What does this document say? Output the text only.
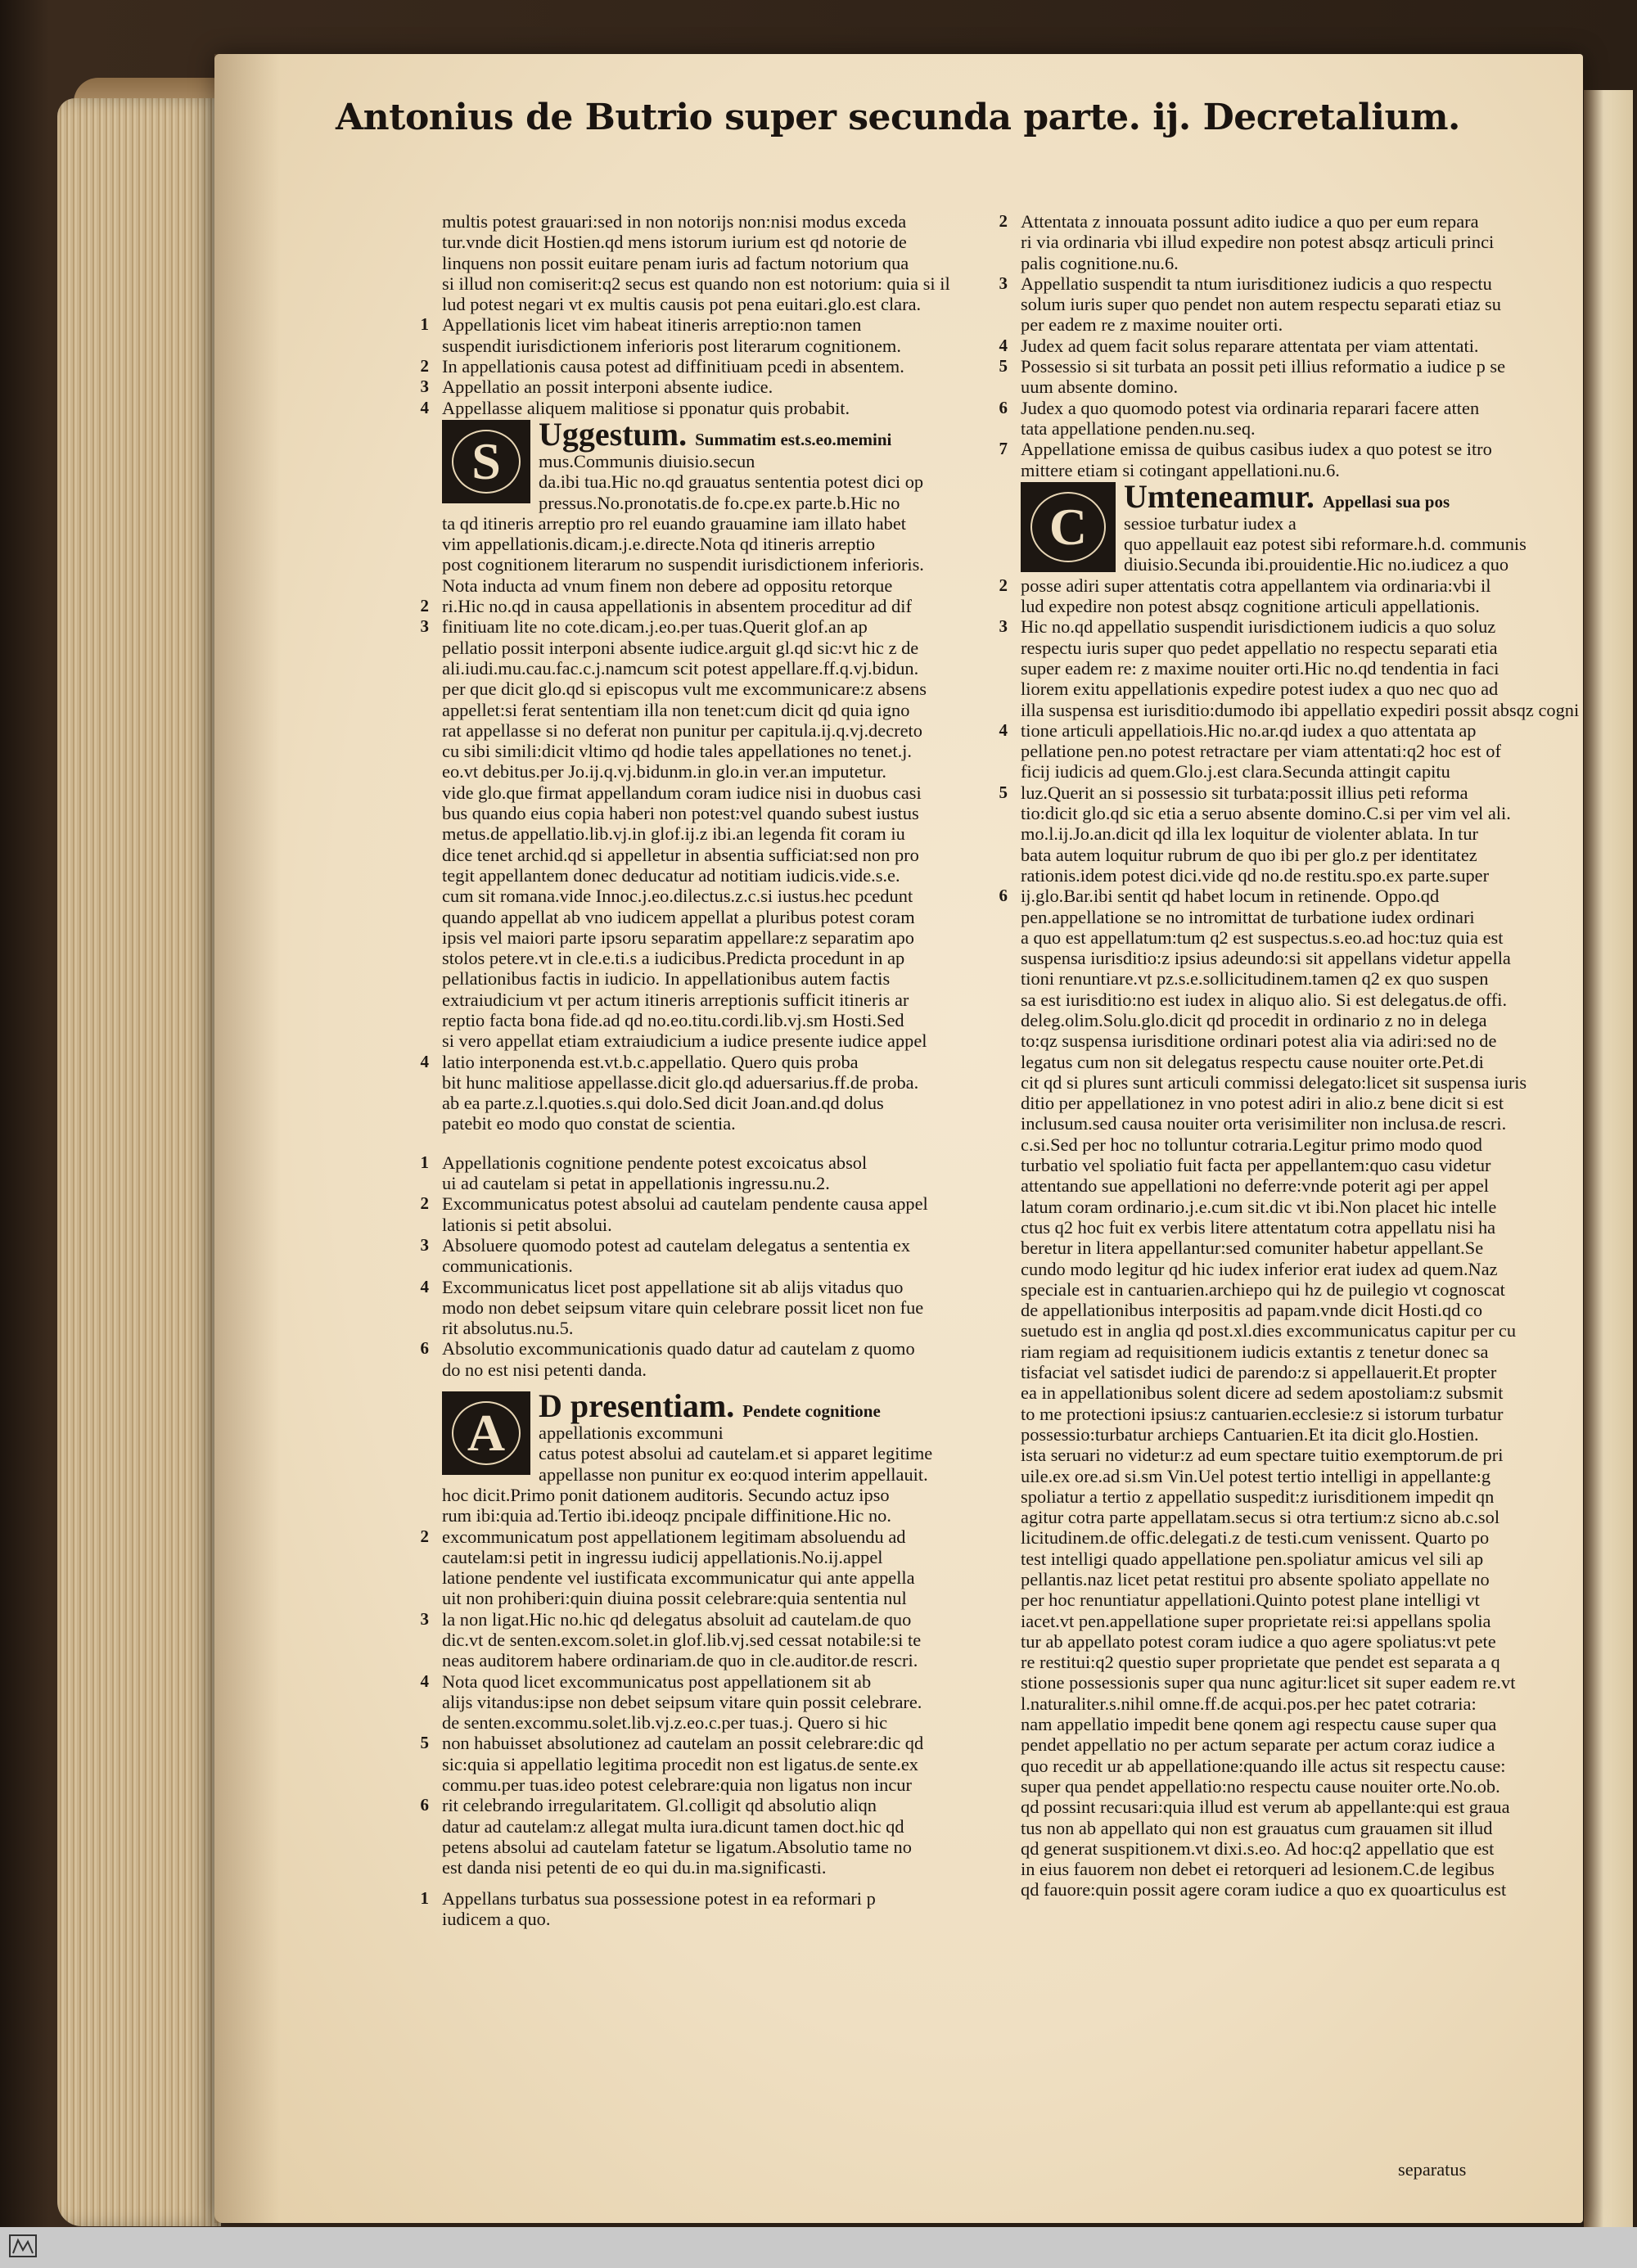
Antonius de Butrio super secunda parte. ij. Decretalium.
multis potest grauari:sed in non notorijs non:nisi modus exceda
tur.vnde dicit Hostien.qd mens istorum iurium est qd notorie de
linquens non possit euitare penam iuris ad factum notorium qua
si illud non comiserit:q2 secus est quando non est notorium: quia si il
lud potest negari vt ex multis causis pot pena euitari.glo.est clara.
1 Appellationis licet vim habeat itineris arreptio:non tamen
suspendit iurisdictionem inferioris post literarum cognitionem.
2 In appellationis causa potest ad diffinitiuam pcedi in absentem.
3 Appellatio an possit interponi absente iudice.
4 Appellasse aliquem malitiose si pponatur quis probabit.
S	Uggestum. Summatim est.s.eo.memini
mus.Communis diuisio.secun
da.ibi tua.Hic no.qd grauatus sententia potest dici op
pressus.No.pronotatis.de fo.cpe.ex parte.b.Hic no
ta qd itineris arreptio pro rel euando grauamine iam illato habet
vim appellationis.dicam.j.e.directe.Nota qd itineris arreptio
post cognitionem literarum no suspendit iurisdictionem inferioris.
Nota inducta ad vnum finem non debere ad oppositu retorque
2 ri.Hic no.qd in causa appellationis in absentem proceditur ad dif
3 finitiuam lite no cote.dicam.j.eo.per tuas.Querit glof.an ap
pellatio possit interponi absente iudice.arguit gl.qd sic:vt hic z de
ali.iudi.mu.cau.fac.c.j.namcum scit potest appellare.ff.q.vj.bidun.
per que dicit glo.qd si episcopus vult me excommunicare:z absens
appellet:si ferat sententiam illa non tenet:cum dicit qd quia igno
rat appellasse si no deferat non punitur per capitula.ij.q.vj.decreto
cu sibi simili:dicit vltimo qd hodie tales appellationes no tenet.j.
eo.vt debitus.per Jo.ij.q.vj.bidunm.in glo.in ver.an imputetur.
vide glo.que firmat appellandum coram iudice nisi in duobus casi
bus quando eius copia haberi non potest:vel quando subest iustus
metus.de appellatio.lib.vj.in glof.ij.z ibi.an legenda fit coram iu
dice tenet archid.qd si appelletur in absentia sufficiat:sed non pro
tegit appellantem donec deducatur ad notitiam iudicis.vide.s.e.
cum sit romana.vide Innoc.j.eo.dilectus.z.c.si iustus.hec pcedunt
quando appellat ab vno iudicem appellat a pluribus potest coram
ipsis vel maiori parte ipsoru separatim appellare:z separatim apo
stolos petere.vt in cle.e.ti.s a iudicibus.Predicta procedunt in ap
pellationibus factis in iudicio. In appellationibus autem factis
extraiudicium vt per actum itineris arreptionis sufficit itineris ar
reptio facta bona fide.ad qd no.eo.titu.cordi.lib.vj.sm Hosti.Sed
si vero appellat etiam extraiudicium a iudice presente iudice appel
4 latio interponenda est.vt.b.c.appellatio. Quero quis proba
bit hunc malitiose appellasse.dicit glo.qd aduersarius.ff.de proba.
ab ea parte.z.l.quoties.s.qui dolo.Sed dicit Joan.and.qd dolus
patebit eo modo quo constat de scientia.
1 Appellationis cognitione pendente potest excoicatus absol
ui ad cautelam si petat in appellationis ingressu.nu.2.
2 Excommunicatus potest absolui ad cautelam pendente causa appel
lationis si petit absolui.
3 Absoluere quomodo potest ad cautelam delegatus a sententia ex
communicationis.
4 Excommunicatus licet post appellatione sit ab alijs vitadus quo
modo non debet seipsum vitare quin celebrare possit licet non fue
rit absolutus.nu.5.
6 Absolutio excommunicationis quado datur ad cautelam z quomo
do no est nisi petenti danda.
A	D presentiam. Pendete cognitione
appellationis excommuni
catus potest absolui ad cautelam.et si apparet legitime
appellasse non punitur ex eo:quod interim appellauit.
hoc dicit.Primo ponit dationem auditoris. Secundo actuz ipso
rum ibi:quia ad.Tertio ibi.ideoqz pncipale diffinitione.Hic no.
2 excommunicatum post appellationem legitimam absoluendu ad
cautelam:si petit in ingressu iudicij appellationis.No.ij.appel
latione pendente vel iustificata excommunicatur qui ante appella
uit non prohiberi:quin diuina possit celebrare:quia sententia nul
3 la non ligat.Hic no.hic qd delegatus absoluit ad cautelam.de quo
dic.vt de senten.excom.solet.in glof.lib.vj.sed cessat notabile:si te
neas auditorem habere ordinariam.de quo in cle.auditor.de rescri.
4 Nota quod licet excommunicatus post appellationem sit ab
alijs vitandus:ipse non debet seipsum vitare quin possit celebrare.
de senten.excommu.solet.lib.vj.z.eo.c.per tuas.j. Quero si hic
5 non habuisset absolutionez ad cautelam an possit celebrare:dic qd
sic:quia si appellatio legitima procedit non est ligatus.de sente.ex
commu.per tuas.ideo potest celebrare:quia non ligatus non incur
6 rit celebrando irregularitatem. Gl.colligit qd absolutio aliqn
datur ad cautelam:z allegat multa iura.dicunt tamen doct.hic qd
petens absolui ad cautelam fatetur se ligatum.Absolutio tame no
est danda nisi petenti de eo qui du.in ma.significasti.
1 Appellans turbatus sua possessione potest in ea reformari p
iudicem a quo.
2 Attentata z innouata possunt adito iudice a quo per eum repara
ri via ordinaria vbi illud expedire non potest absqz articuli princi
palis cognitione.nu.6.
3 Appellatio suspendit ta ntum iurisditionez iudicis a quo respectu
solum iuris super quo pendet non autem respectu separati etiaz su
per eadem re z maxime nouiter orti.
4 Judex ad quem facit solus reparare attentata per viam attentati.
5 Possessio si sit turbata an possit peti illius reformatio a iudice p se
uum absente domino.
6 Judex a quo quomodo potest via ordinaria reparari facere atten
tata appellatione penden.nu.seq.
7 Appellatione emissa de quibus casibus iudex a quo potest se itro
mittere etiam si cotingant appellationi.nu.6.
C
Umteneamur. Appellasi sua pos
sessioe turbatur iudex a
quo appellauit eaz potest sibi reformare.h.d. communis
diuisio.Secunda ibi.prouidentie.Hic no.iudicez a quo
2 posse adiri super attentatis cotra appellantem via ordinaria:vbi il
lud expedire non potest absqz cognitione articuli appellationis.
3 Hic no.qd appellatio suspendit iurisdictionem iudicis a quo soluz
respectu iuris super quo pedet appellatio no respectu separati etia
super eadem re: z maxime nouiter orti.Hic no.qd tendentia in faci
liorem exitu appellationis expedire potest iudex a quo nec quo ad
illa suspensa est iurisditio:dumodo ibi appellatio expediri possit absqz cogni
4 tione articuli appellatiois.Hic no.ar.qd iudex a quo attentata ap
pellatione pen.no potest retractare per viam attentati:q2 hoc est of
ficij iudicis ad quem.Glo.j.est clara.Secunda attingit capitu
5 luz.Querit an si possessio sit turbata:possit illius peti reforma
tio:dicit glo.qd sic etia a seruo absente domino.C.si per vim vel ali.
mo.l.ij.Jo.an.dicit qd illa lex loquitur de violenter ablata. In tur
bata autem loquitur rubrum de quo ibi per glo.z per identitatez
rationis.idem potest dici.vide qd no.de restitu.spo.ex parte.super
6 ij.glo.Bar.ibi sentit qd habet locum in retinende. Oppo.qd
pen.appellatione se no intromittat de turbatione iudex ordinari
a quo est appellatum:tum q2 est suspectus.s.eo.ad hoc:tuz quia est
suspensa iurisditio:z ipsius adeundo:si sit appellans videtur appella
tioni renuntiare.vt pz.s.e.sollicitudinem.tamen q2 ex quo suspen
sa est iurisditio:no est iudex in aliquo alio. Si est delegatus.de offi.
deleg.olim.Solu.glo.dicit qd procedit in ordinario z no in delega
to:qz suspensa iurisditione ordinari potest alia via adiri:sed no de
legatus cum non sit delegatus respectu cause nouiter orte.Pet.di
cit qd si plures sunt articuli commissi delegato:licet sit suspensa iuris
ditio per appellationez in vno potest adiri in alio.z bene dicit si est
inclusum.sed causa nouiter orta verisimiliter non inclusa.de rescri.
c.si.Sed per hoc no tolluntur cotraria.Legitur primo modo quod
turbatio vel spoliatio fuit facta per appellantem:quo casu videtur
attentando sue appellationi no deferre:vnde poterit agi per appel
latum coram ordinario.j.e.cum sit.dic vt ibi.Non placet hic intelle
ctus q2 hoc fuit ex verbis litere attentatum cotra appellatu nisi ha
beretur in litera appellantur:sed comuniter habetur appellant.Se
cundo modo legitur qd hic iudex inferior erat iudex ad quem.Naz
speciale est in cantuarien.archiepo qui hz de puilegio vt cognoscat
de appellationibus interpositis ad papam.vnde dicit Hosti.qd co
suetudo est in anglia qd post.xl.dies excommunicatus capitur per cu
riam regiam ad requisitionem iudicis extantis z tenetur donec sa
tisfaciat vel satisdet iudici de parendo:z si appellauerit.Et propter
ea in appellationibus solent dicere ad sedem apostoliam:z subsmit
to me protectioni ipsius:z cantuarien.ecclesie:z si istorum turbatur
possessio:turbatur archieps Cantuarien.Et ita dicit glo.Hostien.
ista seruari no videtur:z ad eum spectare tuitio exemptorum.de pri
uile.ex ore.ad si.sm Vin.Uel potest tertio intelligi in appellante:g
spoliatur a tertio z appellatio suspedit:z iurisditionem impedit qn
agitur cotra parte appellatam.secus si otra tertium:z sicno ab.c.sol
licitudinem.de offic.delegati.z de testi.cum venissent. Quarto po
test intelligi quado appellatione pen.spoliatur amicus vel sili ap
pellantis.naz licet petat restitui pro absente spoliato appellate no
per hoc renuntiatur appellationi.Quinto potest plane intelligi vt
iacet.vt pen.appellatione super proprietate rei:si appellans spolia
tur ab appellato potest coram iudice a quo agere spoliatus:vt pete
re restitui:q2 questio super proprietate que pendet est separata a q
stione possessionis super qua nunc agitur:licet sit super eadem re.vt
l.naturaliter.s.nihil omne.ff.de acqui.pos.per hec patet cotraria:
nam appellatio impedit bene qonem agi respectu cause super qua
pendet appellatio no per actum separate per actum coraz iudice a
quo recedit ur ab appellatione:quando ille actus sit respectu cause:
super qua pendet appellatio:no respectu cause nouiter orte.No.ob.
qd possint recusari:quia illud est verum ab appellante:qui est graua
tus non ab appellato qui non est grauatus cum grauamen sit illud
qd generat suspitionem.vt dixi.s.eo. Ad hoc:q2 appellatio que est
in eius fauorem non debet ei retorqueri ad lesionem.C.de legibus
qd fauore:quin possit agere coram iudice a quo ex quoarticulus est
separatus
